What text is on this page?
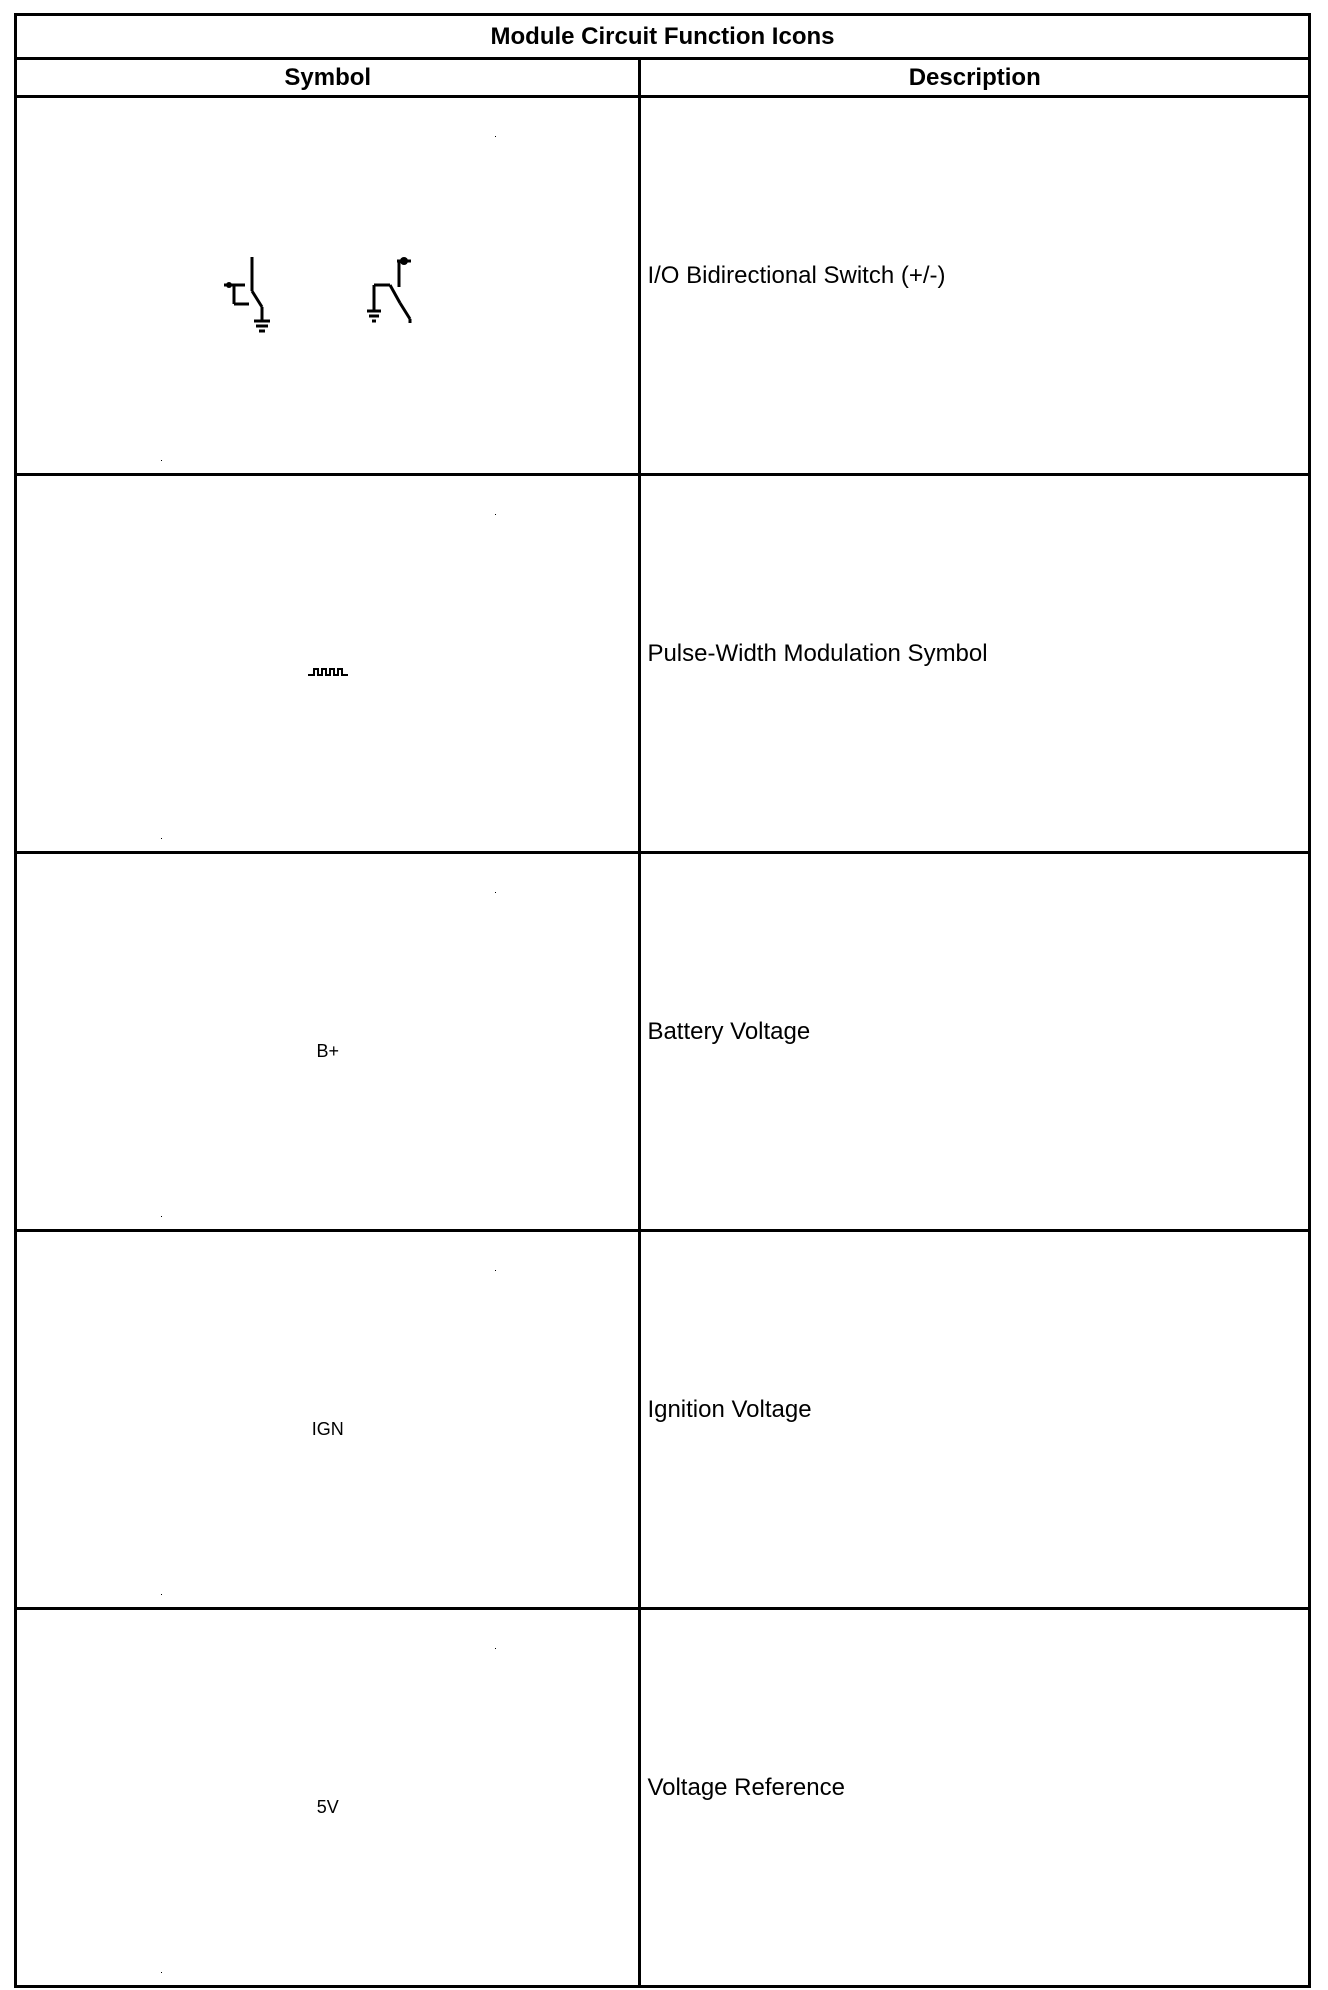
Module Circuit Function Icons	
Symbol	Description

	I/O Bidirectional Switch (+/-)

	Pulse-Width Modulation Symbol

B+	Battery Voltage

IGN	Ignition Voltage

5V	Voltage Reference
